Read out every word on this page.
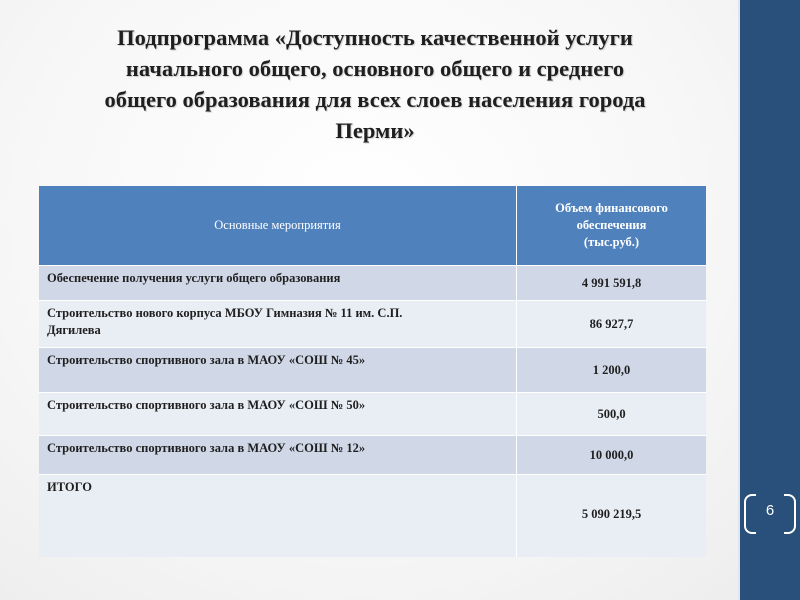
Подпрограмма «Доступность качественной услуги
начального общего, основного общего и среднего
общего образования для всех слоев населения города
Перми»
Основные мероприятия	Объем финансового
обеспечения
(тыс.руб.)
Обеспечение получения услуги общего образования	4 991 591,8
Строительство нового корпуса МБОУ Гимназия № 11 им. С.П.
Дягилева	86 927,7
Строительство спортивного зала в МАОУ «СОШ № 45»	1 200,0
Строительство спортивного зала в МАОУ «СОШ № 50»	500,0
Строительство спортивного зала в МАОУ «СОШ № 12»	10 000,0
ИТОГО	5 090 219,5	6
